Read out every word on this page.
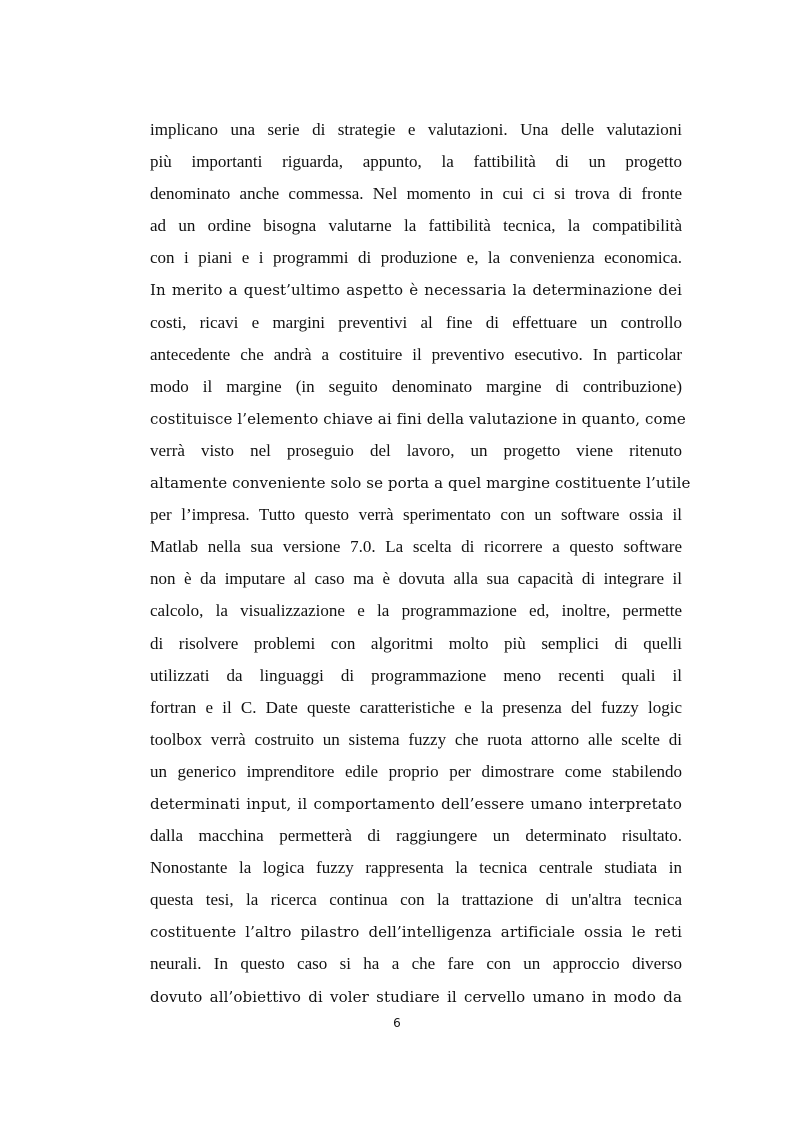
implicano una serie di strategie e valutazioni. Una delle valutazioni
più importanti riguarda, appunto, la fattibilità di un progetto
denominato anche commessa. Nel momento in cui ci si trova di fronte
ad un ordine bisogna valutarne la fattibilità tecnica, la compatibilità
con i piani e i programmi di produzione e, la convenienza economica.
In merito a quest’ultimo aspetto è necessaria la determinazione dei
costi, ricavi e margini preventivi al fine di effettuare un controllo
antecedente che andrà a costituire il preventivo esecutivo. In particolar
modo il margine (in seguito denominato margine di contribuzione)
costituisce l’elemento chiave ai fini della valutazione in quanto, come
verrà visto nel proseguio del lavoro, un progetto viene ritenuto
altamente conveniente solo se porta a quel margine costituente l’utile
per l’impresa. Tutto questo verrà sperimentato con un software ossia il
Matlab nella sua versione 7.0. La scelta di ricorrere a questo software
non è da imputare al caso ma è dovuta alla sua capacità di integrare il
calcolo, la visualizzazione e la programmazione ed, inoltre, permette
di risolvere problemi con algoritmi molto più semplici di quelli
utilizzati da linguaggi di programmazione meno recenti quali il
fortran e il C. Date queste caratteristiche e la presenza del fuzzy logic
toolbox verrà costruito un sistema fuzzy che ruota attorno alle scelte di
un generico imprenditore edile proprio per dimostrare come stabilendo
determinati input, il comportamento dell’essere umano interpretato
dalla macchina permetterà di raggiungere un determinato risultato.
Nonostante la logica fuzzy rappresenta la tecnica centrale studiata in
questa tesi, la ricerca continua con la trattazione di un'altra tecnica
costituente l’altro pilastro dell’intelligenza artificiale ossia le reti
neurali. In questo caso si ha a che fare con un approccio diverso
dovuto all’obiettivo di voler studiare il cervello umano in modo da
6
